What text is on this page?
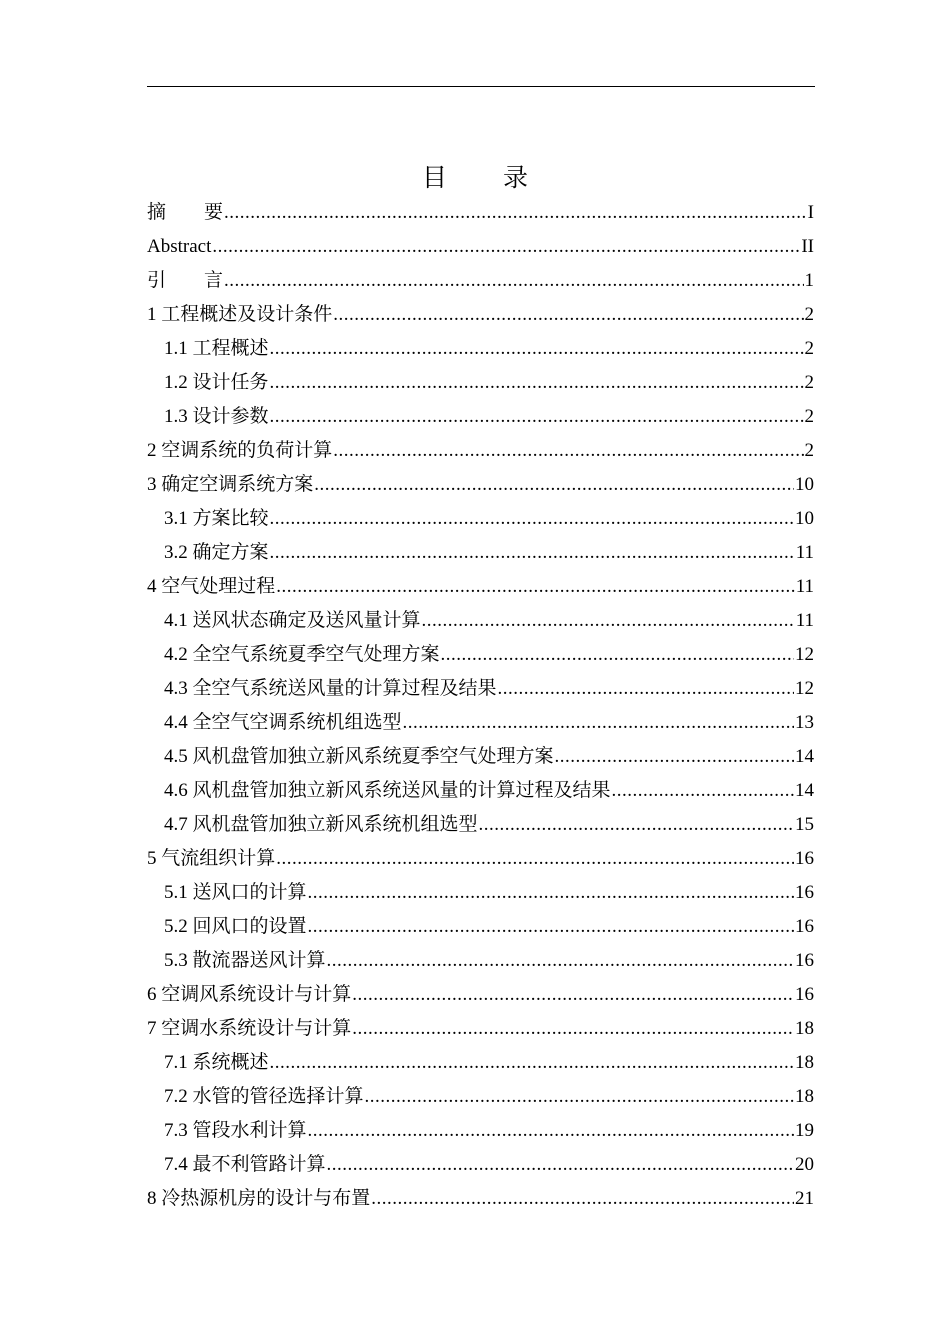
目 录
摘　　要 .....	I
Abstract .....	II
引　　言 .....	1
1 工程概述及设计条件 .....	2
1.1 工程概述 .....	2
1.2 设计任务 .....	2
1.3 设计参数 .....	2
2 空调系统的负荷计算 .....	2
3 确定空调系统方案 .....	10
3.1 方案比较 .....	10
3.2 确定方案 .....	11
4 空气处理过程 .....	11
4.1 送风状态确定及送风量计算 .....	11
4.2 全空气系统夏季空气处理方案 .....	12
4.3 全空气系统送风量的计算过程及结果 .....	12
4.4 全空气空调系统机组选型 .....	13
4.5 风机盘管加独立新风系统夏季空气处理方案 .....	14
4.6 风机盘管加独立新风系统送风量的计算过程及结果 .....	14
4.7 风机盘管加独立新风系统机组选型 .....	15
5 气流组织计算 .....	16
5.1 送风口的计算 .....	16
5.2 回风口的设置 .....	16
5.3 散流器送风计算 .....	16
6 空调风系统设计与计算 .....	16
7 空调水系统设计与计算 .....	18
7.1 系统概述 .....	18
7.2 水管的管径选择计算 .....	18
7.3 管段水利计算 .....	19
7.4 最不利管路计算 .....	20
8 冷热源机房的设计与布置 .....	21
